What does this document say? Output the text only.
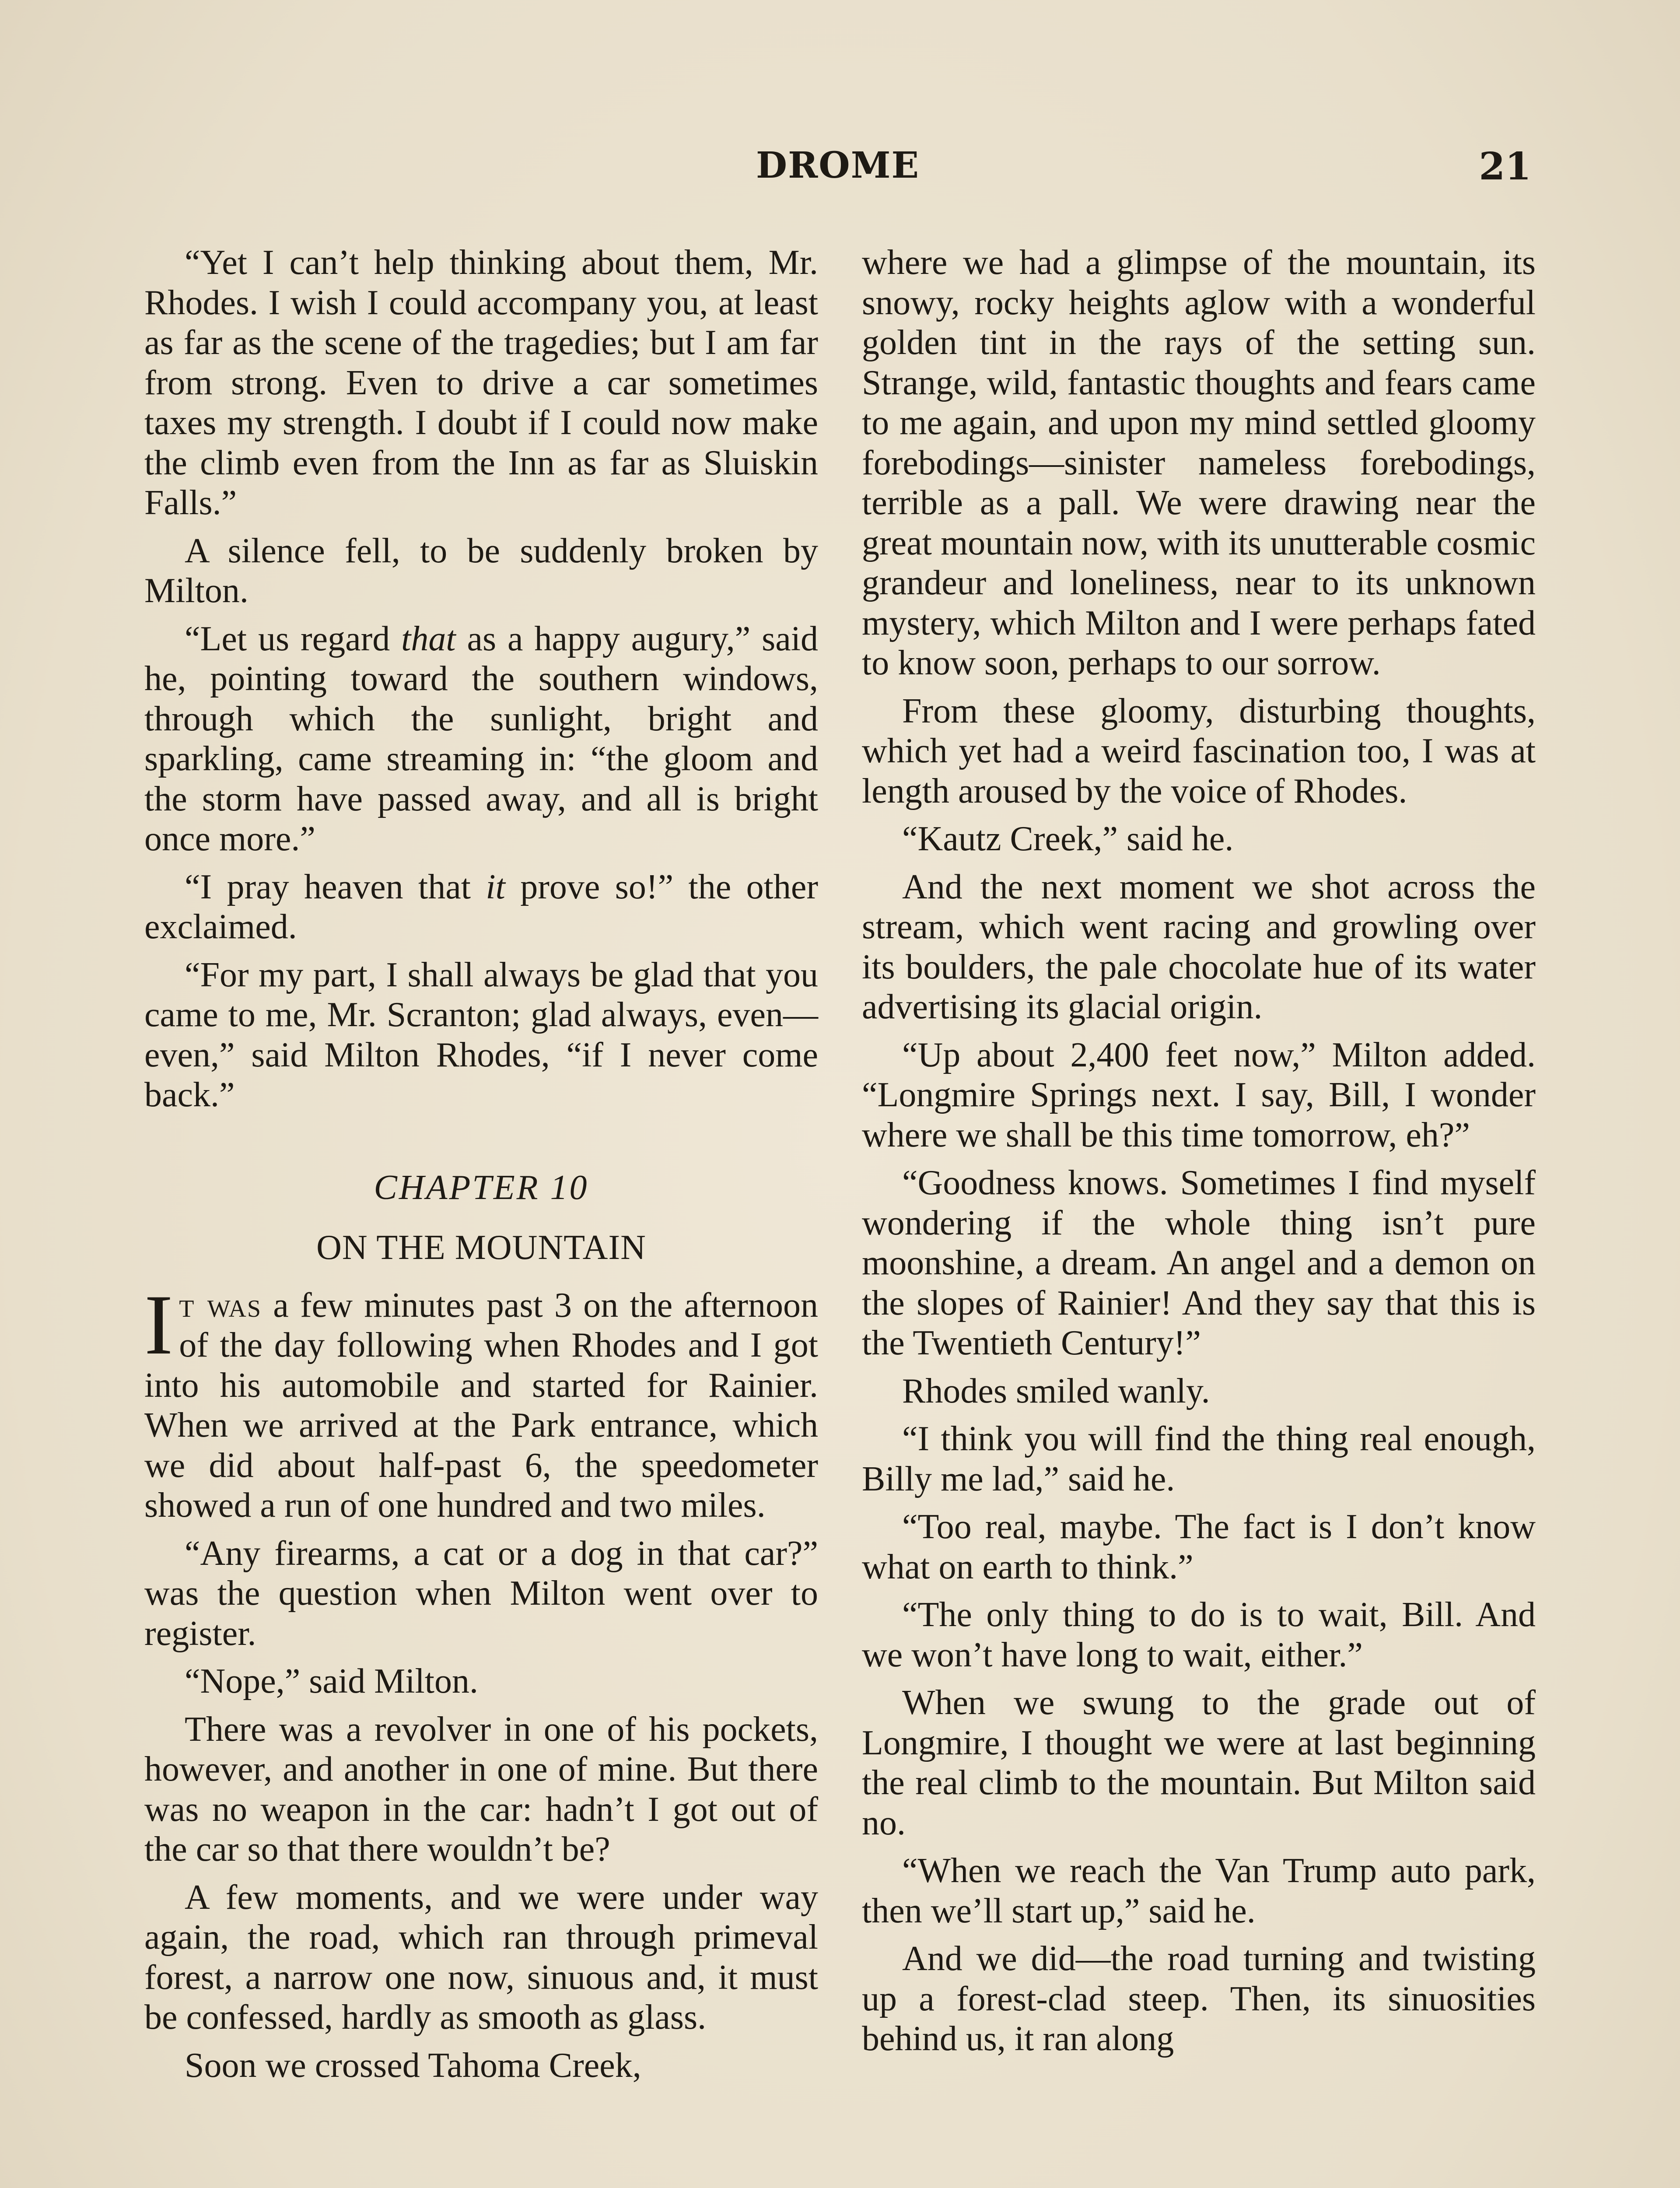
DROME	21

“Yet I can’t help thinking about them, Mr. Rhodes. I wish I could accompany you, at least as far as the scene of the tragedies; but I am far from strong. Even to drive a car sometimes taxes my strength. I doubt if I could now make the climb even from the Inn as far as Sluiskin Falls.”

A silence fell, to be suddenly broken by Milton.

“Let us regard that as a happy augury,” said he, pointing toward the southern windows, through which the sunlight, bright and sparkling, came streaming in: “the gloom and the storm have passed away, and all is bright once more.”

“I pray heaven that it prove so!” the other exclaimed.

“For my part, I shall always be glad that you came to me, Mr. Scranton; glad always, even—even,” said Milton Rhodes, “if I never come back.”

CHAPTER 10
ON THE MOUNTAIN

It was a few minutes past 3 on the afternoon of the day following when Rhodes and I got into his automobile and started for Rainier. When we arrived at the Park entrance, which we did about half-past 6, the speedometer showed a run of one hundred and two miles.

“Any firearms, a cat or a dog in that car?” was the question when Milton went over to register.

“Nope,” said Milton.

There was a revolver in one of his pockets, however, and another in one of mine. But there was no weapon in the car: hadn’t I got out of the car so that there wouldn’t be?

A few moments, and we were under way again, the road, which ran through primeval forest, a narrow one now, sinuous and, it must be confessed, hardly as smooth as glass.

Soon we crossed Tahoma Creek,

where we had a glimpse of the mountain, its snowy, rocky heights aglow with a wonderful golden tint in the rays of the setting sun. Strange, wild, fantastic thoughts and fears came to me again, and upon my mind settled gloomy forebodings—sinister nameless forebodings, terrible as a pall. We were drawing near the great mountain now, with its unutterable cosmic grandeur and loneliness, near to its unknown mystery, which Milton and I were perhaps fated to know soon, perhaps to our sorrow.

From these gloomy, disturbing thoughts, which yet had a weird fascination too, I was at length aroused by the voice of Rhodes.

“Kautz Creek,” said he.

And the next moment we shot across the stream, which went racing and growling over its boulders, the pale chocolate hue of its water advertising its glacial origin.

“Up about 2,400 feet now,” Milton added. “Longmire Springs next. I say, Bill, I wonder where we shall be this time tomorrow, eh?”

“Goodness knows. Sometimes I find myself wondering if the whole thing isn’t pure moonshine, a dream. An angel and a demon on the slopes of Rainier! And they say that this is the Twentieth Century!”

Rhodes smiled wanly.

“I think you will find the thing real enough, Billy me lad,” said he.

“Too real, maybe. The fact is I don’t know what on earth to think.”

“The only thing to do is to wait, Bill. And we won’t have long to wait, either.”

When we swung to the grade out of Longmire, I thought we were at last beginning the real climb to the mountain. But Milton said no.

“When we reach the Van Trump auto park, then we’ll start up,” said he.

And we did—the road turning and twisting up a forest-clad steep. Then, its sinuosities behind us, it ran along
